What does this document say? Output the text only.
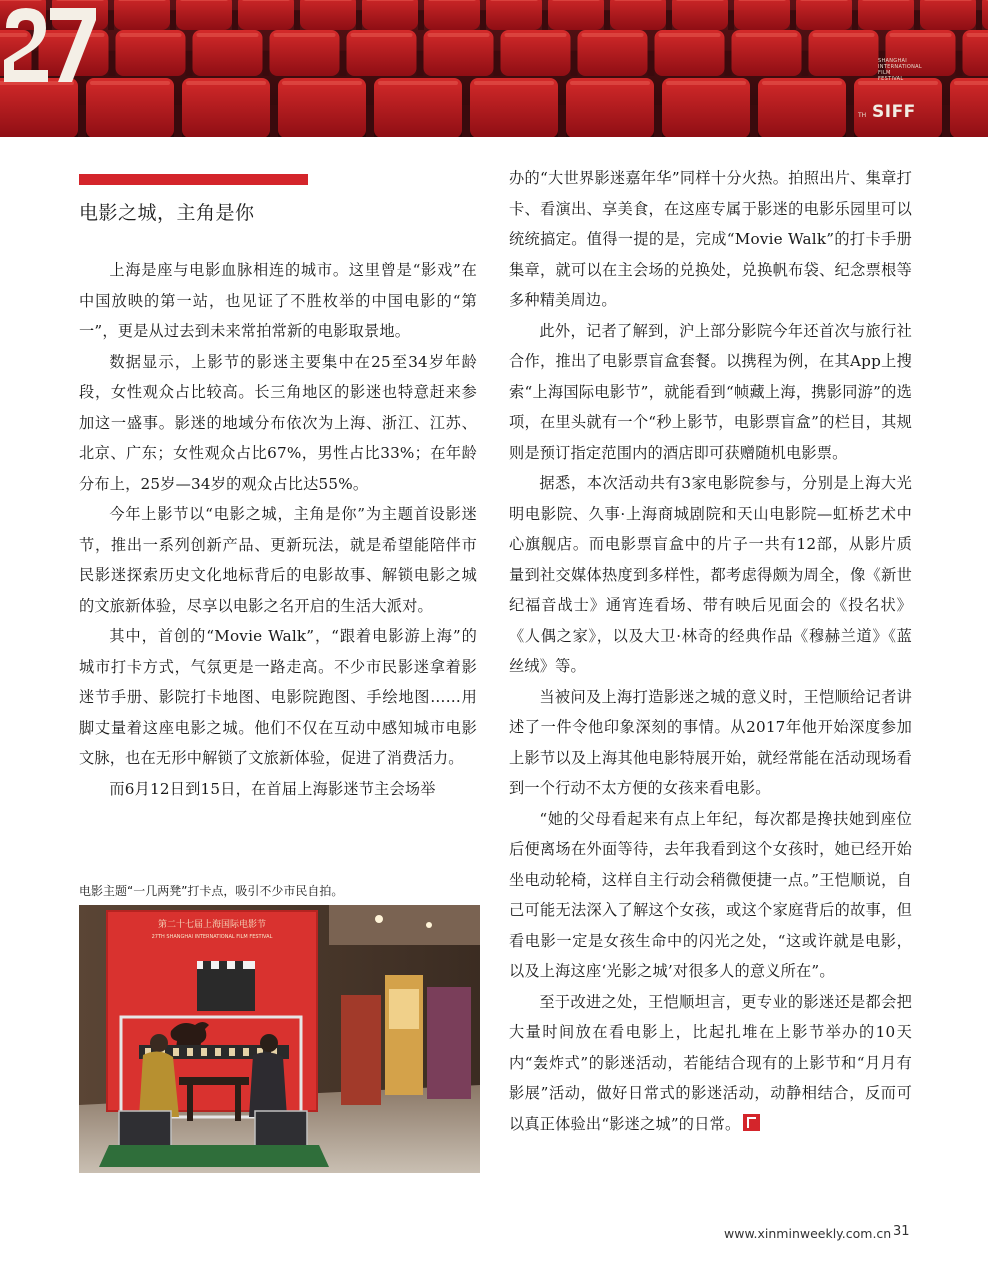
SHANGHAI
INTERNATIONAL
FILM
FESTIVAL
TH SIFF
电影之城，主角是你

上海是座与电影血脉相连的城市。这里曾是“影戏”在中国放映的第一站，也见证了不胜枚举的中国电影的“第一”，更是从过去到未来常拍常新的电影取景地。

数据显示，上影节的影迷主要集中在25至34岁年龄段，女性观众占比较高。长三角地区的影迷也特意赶来参加这一盛事。影迷的地域分布依次为上海、浙江、江苏、北京、广东；女性观众占比67%，男性占比33%；在年龄分布上，25岁—34岁的观众占比达55%。

今年上影节以“电影之城，主角是你”为主题首设影迷节，推出一系列创新产品、更新玩法，就是希望能陪伴市民影迷探索历史文化地标背后的电影故事、解锁电影之城的文旅新体验，尽享以电影之名开启的生活大派对。

其中，首创的“Movie Walk”，“跟着电影游上海”的城市打卡方式，气氛更是一路走高。不少市民影迷拿着影迷节手册、影院打卡地图、电影院跑图、手绘地图……用脚丈量着这座电影之城。他们不仅在互动中感知城市电影文脉，也在无形中解锁了文旅新体验，促进了消费活力。

而6月12日到15日，在首届上海影迷节主会场举

电影主题“一几两凳”打卡点，吸引不少市民自拍。
第二十七届上海国际电影节
27TH SHANGHAI INTERNATIONAL FILM FESTIVAL

办的“大世界影迷嘉年华”同样十分火热。拍照出片、集章打卡、看演出、享美食，在这座专属于影迷的电影乐园里可以统统搞定。值得一提的是，完成“Movie Walk”的打卡手册集章，就可以在主会场的兑换处，兑换帆布袋、纪念票根等多种精美周边。

此外，记者了解到，沪上部分影院今年还首次与旅行社合作，推出了电影票盲盒套餐。以携程为例，在其App上搜索“上海国际电影节”，就能看到“帧藏上海，携影同游”的选项，在里头就有一个“秒上影节，电影票盲盒”的栏目，其规则是预订指定范围内的酒店即可获赠随机电影票。

据悉，本次活动共有3家电影院参与，分别是上海大光明电影院、久事·上海商城剧院和天山电影院—虹桥艺术中心旗舰店。而电影票盲盒中的片子一共有12部，从影片质量到社交媒体热度到多样性，都考虑得颇为周全，像《新世纪福音战士》通宵连看场、带有映后见面会的《投名状》《人偶之家》，以及大卫·林奇的经典作品《穆赫兰道》《蓝丝绒》等。

当被问及上海打造影迷之城的意义时，王恺顺给记者讲述了一件令他印象深刻的事情。从2017年他开始深度参加上影节以及上海其他电影特展开始，就经常能在活动现场看到一个行动不太方便的女孩来看电影。

“她的父母看起来有点上年纪，每次都是搀扶她到座位后便离场在外面等待，去年我看到这个女孩时，她已经开始坐电动轮椅，这样自主行动会稍微便捷一点。”王恺顺说，自己可能无法深入了解这个女孩，或这个家庭背后的故事，但看电影一定是女孩生命中的闪光之处，“这或许就是电影，以及上海这座‘光影之城’对很多人的意义所在”。

至于改进之处，王恺顺坦言，更专业的影迷还是都会把大量时间放在看电影上，比起扎堆在上影节举办的10天内“轰炸式”的影迷活动，若能结合现有的上影节和“月月有影展”活动，做好日常式的影迷活动，动静相结合，反而可以真正体验出“影迷之城”的日常。

www.xinminweekly.com.cn 31
